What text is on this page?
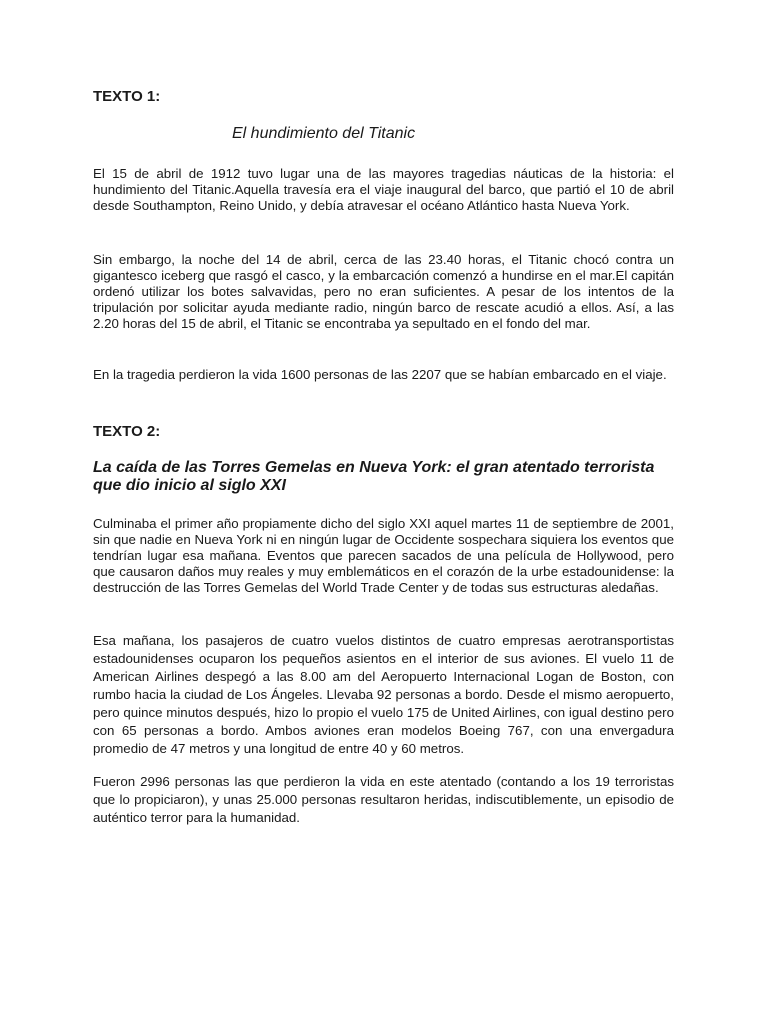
TEXTO 1:

El hundimiento del Titanic

El 15 de abril de 1912 tuvo lugar una de las mayores tragedias náuticas de la historia: el hundimiento del Titanic.Aquella travesía era el viaje inaugural del barco, que partió el 10 de abril desde Southampton, Reino Unido, y debía atravesar el océano Atlántico hasta Nueva York.

Sin embargo, la noche del 14 de abril, cerca de las 23.40 horas, el Titanic chocó contra un gigantesco iceberg que rasgó el casco, y la embarcación comenzó a hundirse en el mar.El capitán ordenó utilizar los botes salvavidas, pero no eran suficientes. A pesar de los intentos de la tripulación por solicitar ayuda mediante radio, ningún barco de rescate acudió a ellos. Así, a las 2.20 horas del 15 de abril, el Titanic se encontraba ya sepultado en el fondo del mar.

En la tragedia perdieron la vida 1600 personas de las 2207 que se habían embarcado en el viaje.

TEXTO 2:

La caída de las Torres Gemelas en Nueva York: el gran atentado terrorista que dio inicio al siglo XXI

Culminaba el primer año propiamente dicho del siglo XXI aquel martes 11 de septiembre de 2001, sin que nadie en Nueva York ni en ningún lugar de Occidente sospechara siquiera los eventos que tendrían lugar esa mañana. Eventos que parecen sacados de una película de Hollywood, pero que causaron daños muy reales y muy emblemáticos en el corazón de la urbe estadounidense: la destrucción de las Torres Gemelas del World Trade Center y de todas sus estructuras aledañas.

Esa mañana, los pasajeros de cuatro vuelos distintos de cuatro empresas aerotransportistas estadounidenses ocuparon los pequeños asientos en el interior de sus aviones. El vuelo 11 de American Airlines despegó a las 8.00 am del Aeropuerto Internacional Logan de Boston, con rumbo hacia la ciudad de Los Ángeles. Llevaba 92 personas a bordo. Desde el mismo aeropuerto, pero quince minutos después, hizo lo propio el vuelo 175 de United Airlines, con igual destino pero con 65 personas a bordo. Ambos aviones eran modelos Boeing 767, con una envergadura promedio de 47 metros y una longitud de entre 40 y 60 metros.

Fueron 2996 personas las que perdieron la vida en este atentado (contando a los 19 terroristas que lo propiciaron), y unas 25.000 personas resultaron heridas, indiscutiblemente, un episodio de auténtico terror para la humanidad.
